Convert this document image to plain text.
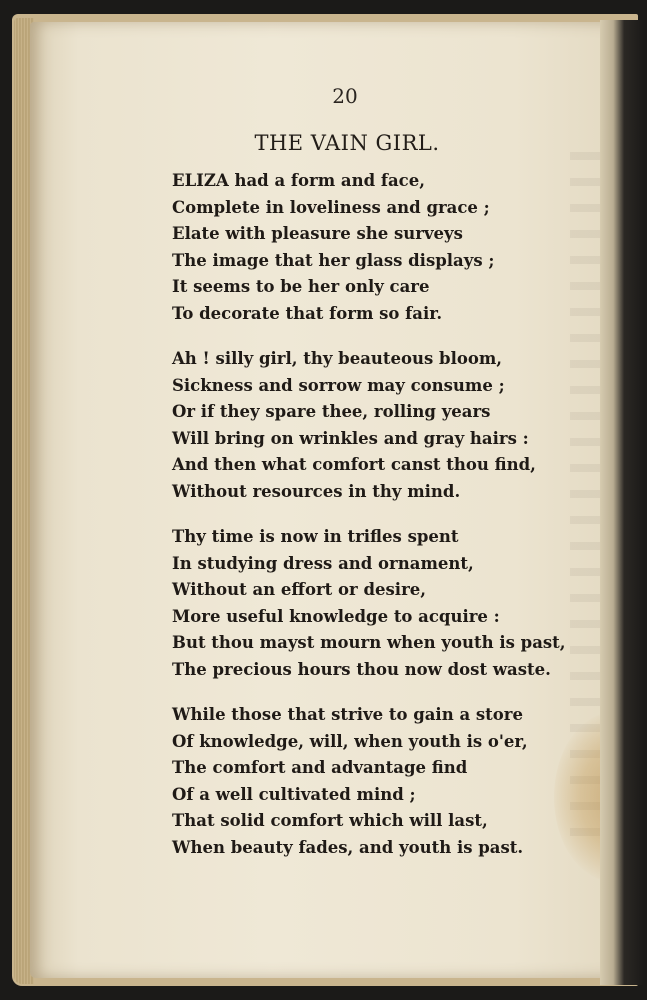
20
THE VAIN GIRL.
ELIZA had a form and face,
Complete in loveliness and grace ;
Elate with pleasure she surveys
The image that her glass displays ;
It seems to be her only care
To decorate that form so fair.
Ah ! silly girl, thy beauteous bloom,
Sickness and sorrow may consume ;
Or if they spare thee, rolling years
Will bring on wrinkles and gray hairs :
And then what comfort canst thou find,
Without resources in thy mind.
Thy time is now in trifles spent
In studying dress and ornament,
Without an effort or desire,
More useful knowledge to acquire :
But thou mayst mourn when youth is past,
The precious hours thou now dost waste.
While those that strive to gain a store
Of knowledge, will, when youth is o'er,
The comfort and advantage find
Of a well cultivated mind ;
That solid comfort which will last,
When beauty fades, and youth is past.
